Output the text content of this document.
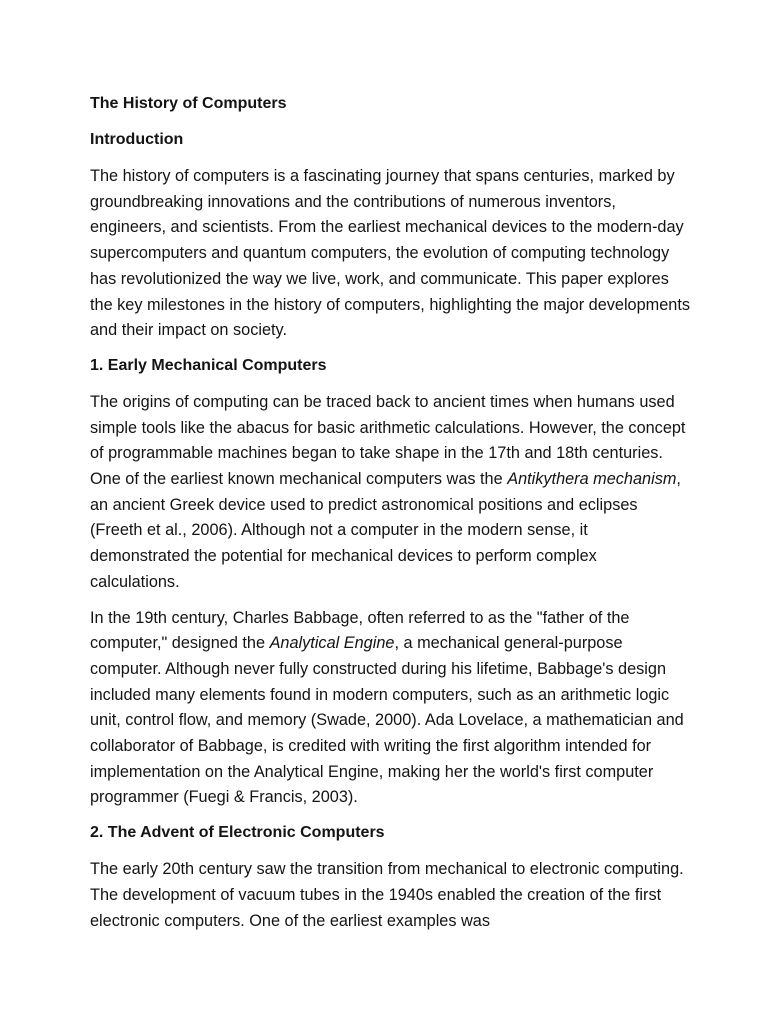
The History of Computers
Introduction

The history of computers is a fascinating journey that spans centuries, marked by groundbreaking innovations and the contributions of numerous inventors, engineers, and scientists. From the earliest mechanical devices to the modern-day supercomputers and quantum computers, the evolution of computing technology has revolutionized the way we live, work, and communicate. This paper explores the key milestones in the history of computers, highlighting the major developments and their impact on society.

1. Early Mechanical Computers

The origins of computing can be traced back to ancient times when humans used simple tools like the abacus for basic arithmetic calculations. However, the concept of programmable machines began to take shape in the 17th and 18th centuries. One of the earliest known mechanical computers was the Antikythera mechanism, an ancient Greek device used to predict astronomical positions and eclipses (Freeth et al., 2006). Although not a computer in the modern sense, it demonstrated the potential for mechanical devices to perform complex calculations.

In the 19th century, Charles Babbage, often referred to as the "father of the computer," designed the Analytical Engine, a mechanical general-purpose computer. Although never fully constructed during his lifetime, Babbage's design included many elements found in modern computers, such as an arithmetic logic unit, control flow, and memory (Swade, 2000). Ada Lovelace, a mathematician and collaborator of Babbage, is credited with writing the first algorithm intended for implementation on the Analytical Engine, making her the world's first computer programmer (Fuegi & Francis, 2003).

2. The Advent of Electronic Computers

The early 20th century saw the transition from mechanical to electronic computing. The development of vacuum tubes in the 1940s enabled the creation of the first electronic computers. One of the earliest examples was
